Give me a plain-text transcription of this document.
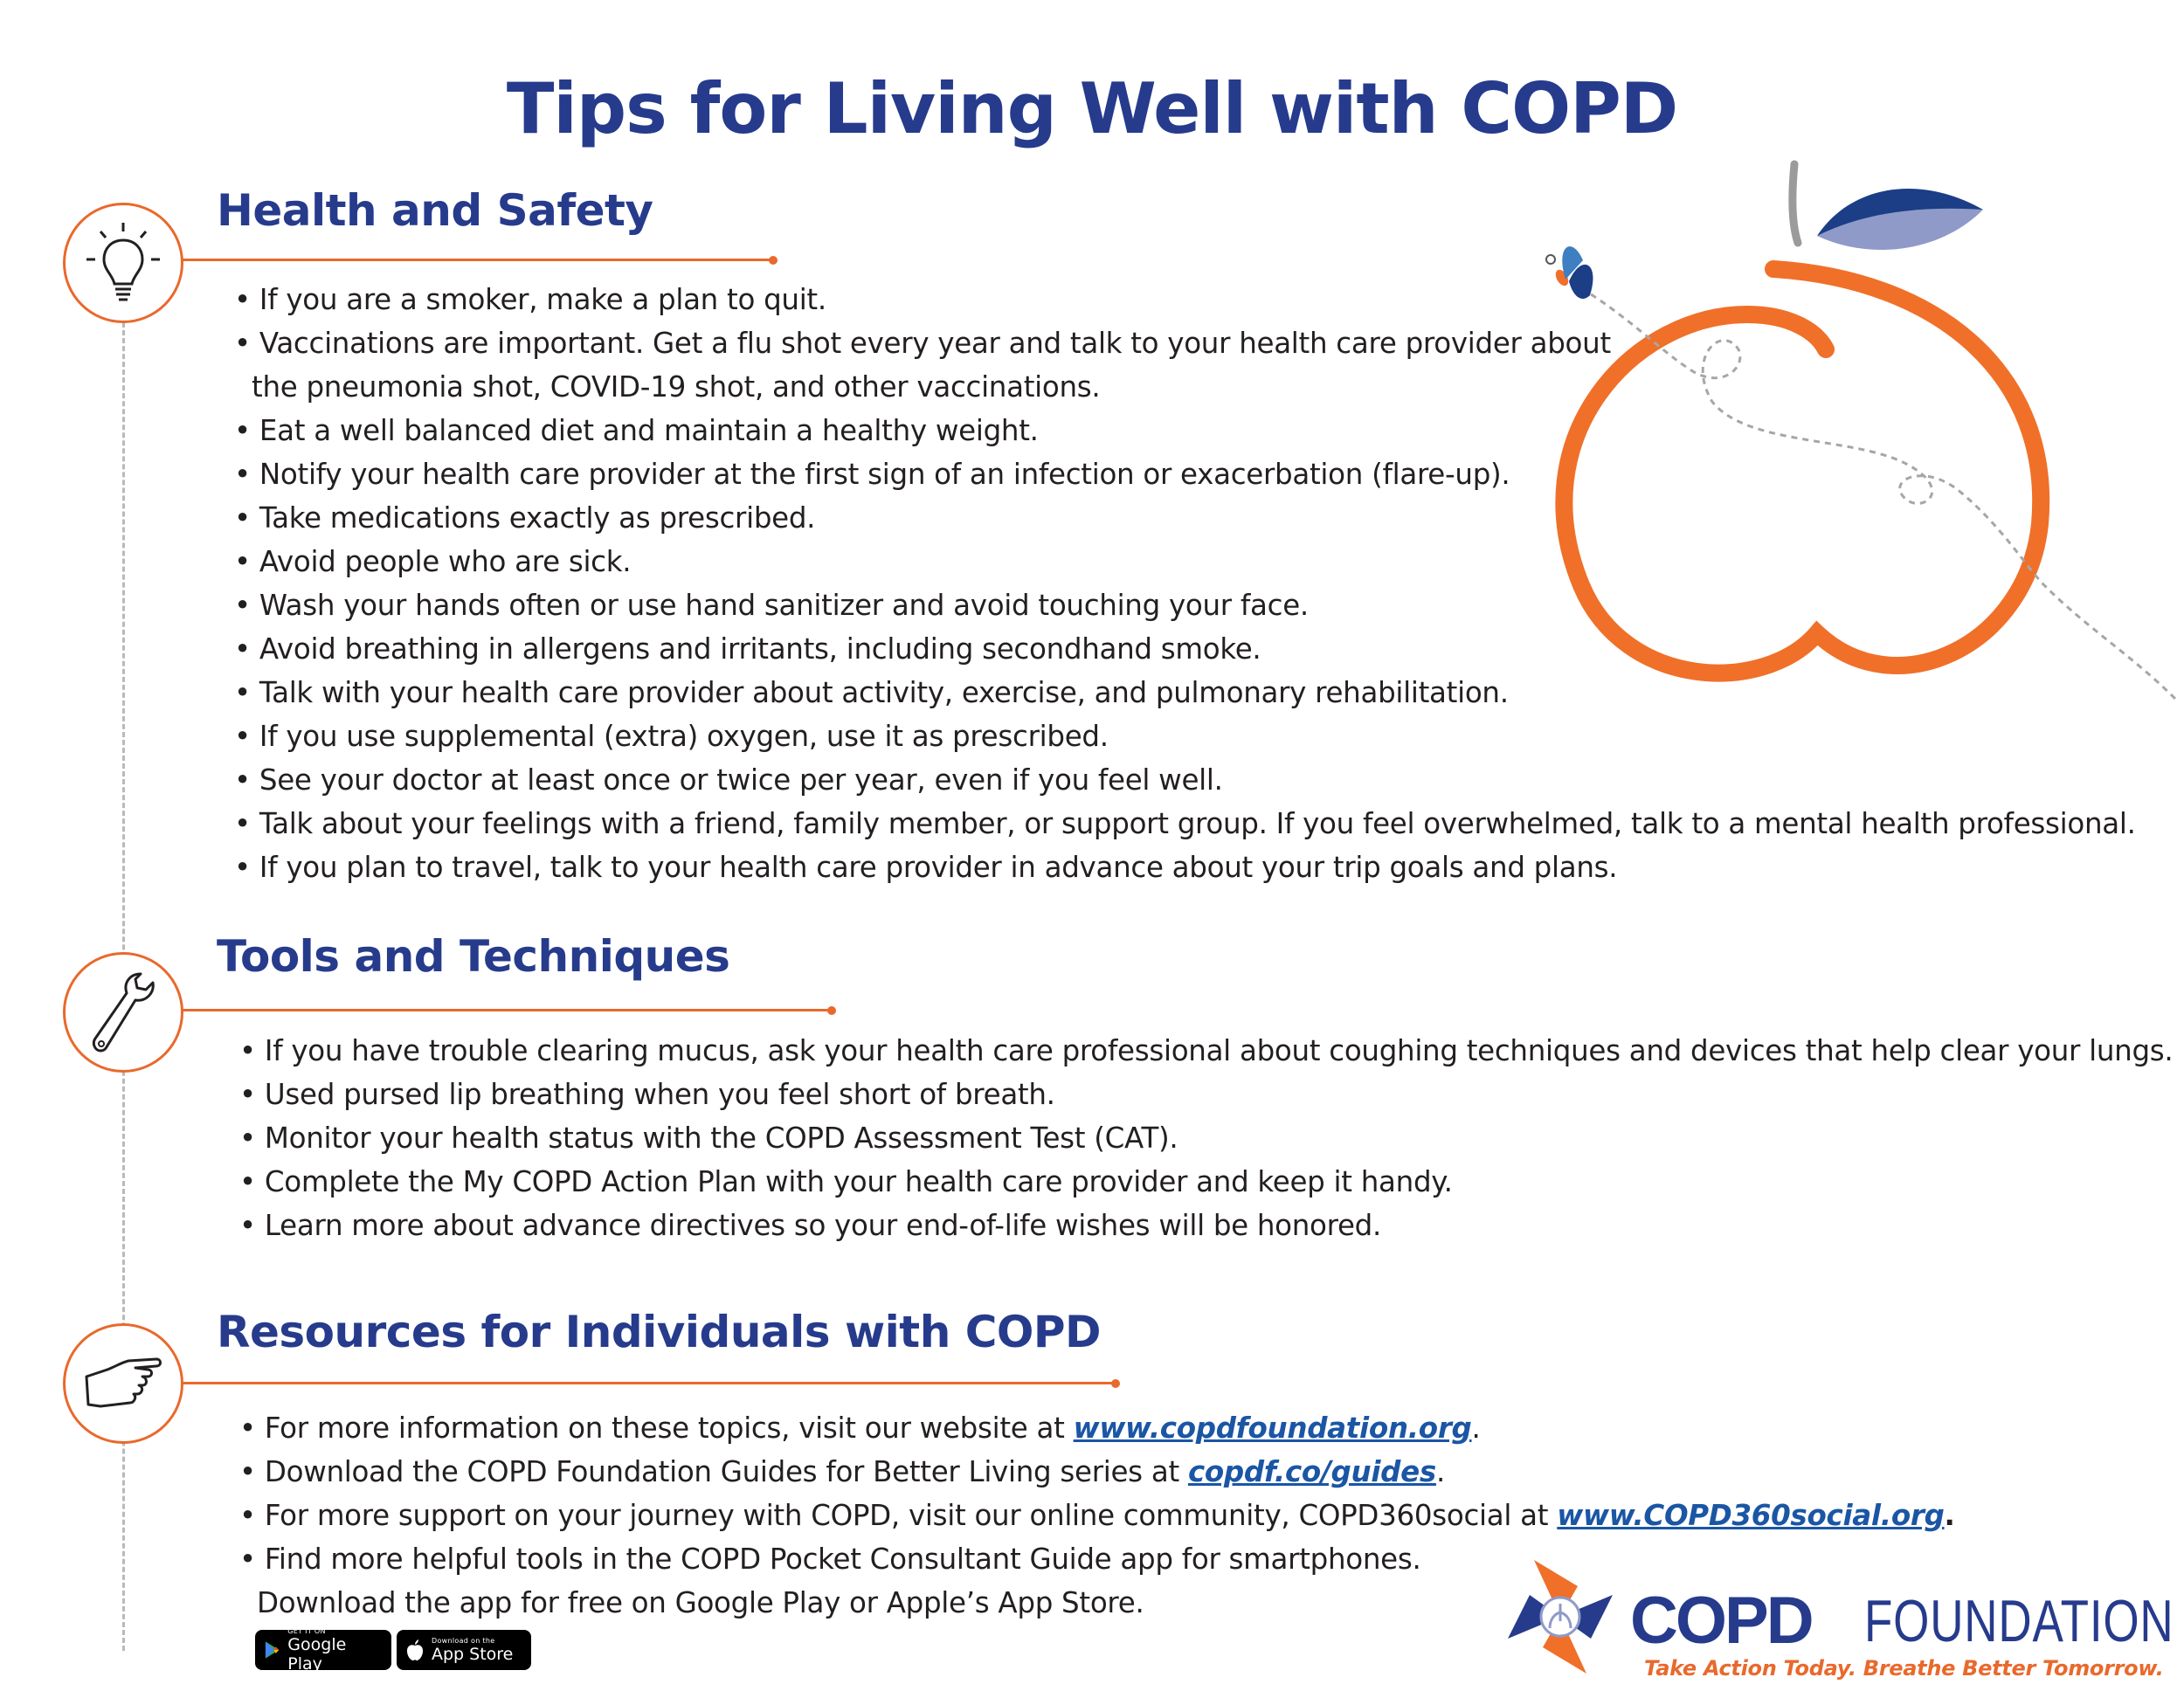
Tips for Living Well with COPD
Health and Safety
• If you are a smoker, make a plan to quit.
• Vaccinations are important. Get a flu shot every year and talk to your health care provider about
the pneumonia shot, COVID-19 shot, and other vaccinations.
• Eat a well balanced diet and maintain a healthy weight.
• Notify your health care provider at the first sign of an infection or exacerbation (flare-up).
• Take medications exactly as prescribed.
• Avoid people who are sick.
• Wash your hands often or use hand sanitizer and avoid touching your face.
• Avoid breathing in allergens and irritants, including secondhand smoke.
• Talk with your health care provider about activity, exercise, and pulmonary rehabilitation.
• If you use supplemental (extra) oxygen, use it as prescribed.
• See your doctor at least once or twice per year, even if you feel well.
• Talk about your feelings with a friend, family member, or support group. If you feel overwhelmed, talk to a mental health professional.
• If you plan to travel, talk to your health care provider in advance about your trip goals and plans.
Tools and Techniques
• If you have trouble clearing mucus, ask your health care professional about coughing techniques and devices that help clear your lungs.
• Used pursed lip breathing when you feel short of breath.
• Monitor your health status with the COPD Assessment Test (CAT).
• Complete the My COPD Action Plan with your health care provider and keep it handy.
• Learn more about advance directives so your end-of-life wishes will be honored.
Resources for Individuals with COPD
• For more information on these topics, visit our website at www.copdfoundation.org.
• Download the COPD Foundation Guides for Better Living series at copdf.co/guides.
• For more support on your journey with COPD, visit our online community, COPD360social at www.COPD360social.org.
• Find more helpful tools in the COPD Pocket Consultant Guide app for smartphones.
Download the app for free on Google Play or Apple’s App Store.
GET IT ON
Google Play
Download on the
App Store	COPD FOUNDATION

Take Action Today. Breathe Better Tomorrow.
